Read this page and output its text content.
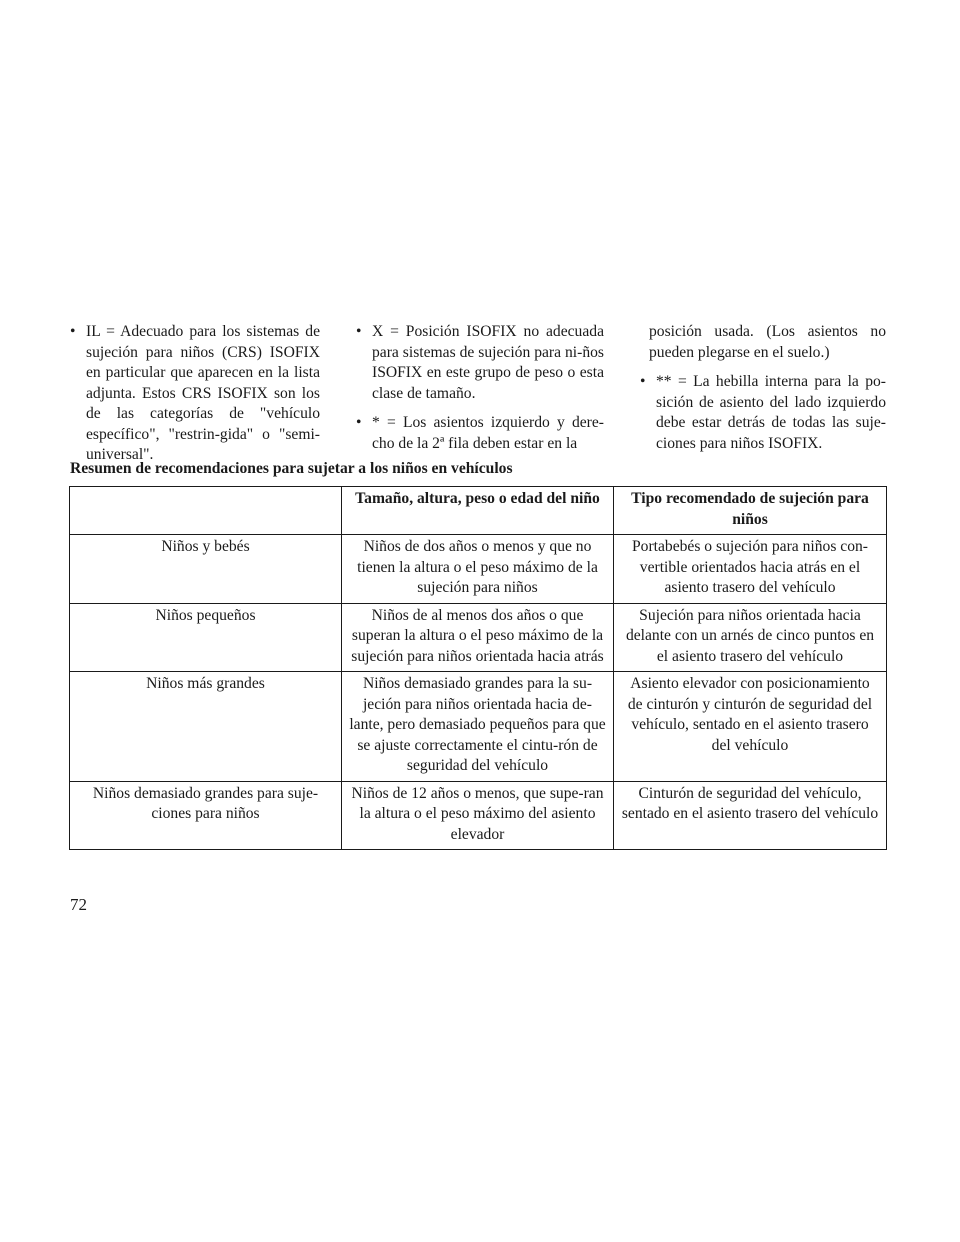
• IL = Adecuado para los sistemas de sujeción para niños (CRS) ISOFIX en particular que aparecen en la lista adjunta. Estos CRS ISOFIX son los de las categorías de "vehículo específico", "restrin-gida" o "semi-universal".

• X = Posición ISOFIX no adecuada para sistemas de sujeción para ni-ños ISOFIX en este grupo de peso o esta clase de tamaño.

• * = Los asientos izquierdo y dere-cho de la 2ª fila deben estar en la

posición usada. (Los asientos no pueden plegarse en el suelo.)

• ** = La hebilla interna para la po-sición de asiento del lado izquierdo debe estar detrás de todas las suje-ciones para niños ISOFIX.

Resumen de recomendaciones para sujetar a los niños en vehículos

	Tamaño, altura, peso o edad del niño	Tipo recomendado de sujeción para niños
Niños y bebés	Niños de dos años o menos y que no tienen la altura o el peso máximo de la sujeción para niños	Portabebés o sujeción para niños con-vertible orientados hacia atrás en el asiento trasero del vehículo
Niños pequeños	Niños de al menos dos años o que superan la altura o el peso máximo de la sujeción para niños orientada hacia atrás	Sujeción para niños orientada hacia delante con un arnés de cinco puntos en el asiento trasero del vehículo
Niños más grandes	Niños demasiado grandes para la su-jeción para niños orientada hacia de-lante, pero demasiado pequeños para que se ajuste correctamente el cintu-rón de seguridad del vehículo	Asiento elevador con posicionamiento de cinturón y cinturón de seguridad del vehículo, sentado en el asiento trasero del vehículo
Niños demasiado grandes para suje-ciones para niños	Niños de 12 años o menos, que supe-ran la altura o el peso máximo del asiento elevador	Cinturón de seguridad del vehículo, sentado en el asiento trasero del vehículo

72
